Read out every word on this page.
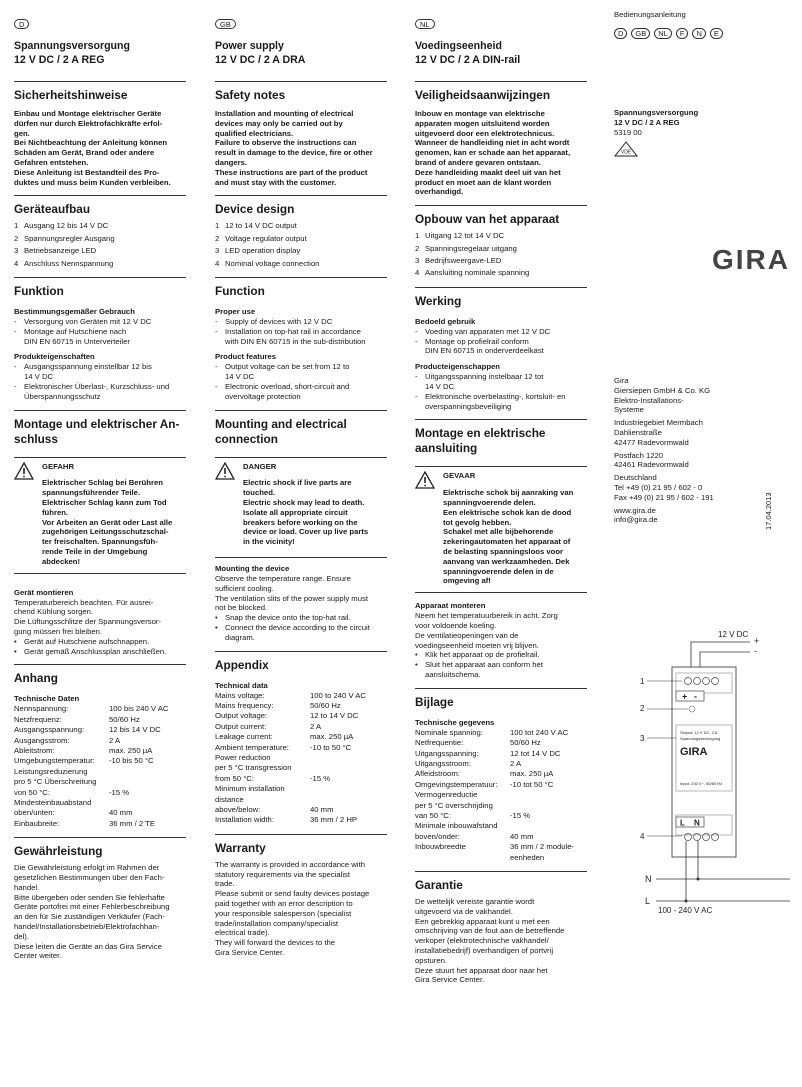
D
Spannungsversorgung
12 V DC / 2 A REG
Sicherheitshinweise
Einbau und Montage elektrischer Geräte
dürfen nur durch Elektrofachkräfte erfol-
gen.
Bei Nichtbeachtung der Anleitung können
Schäden am Gerät, Brand oder andere
Gefahren entstehen.
Diese Anleitung ist Bestandteil des Pro-
duktes und muss beim Kunden verbleiben.
Geräteaufbau
1 Ausgang 12 bis 14 V DC
2 Spannungsregler Ausgang
3 Betriebsanzeige LED
4 Anschluss Nennspannung
Funktion
Bestimmungsgemäßer Gebrauch
- Versorgung von Geräten mit 12 V DC
- Montage auf Hutschiene nach
DIN EN 60715 in Unterverteiler
Produkteigenschaften
- Ausgangsspannung einstellbar 12 bis
14 V DC
- Elektronischer Überlast-, Kurzschluss- und
Überspannungsschutz
Montage und elektrischer An-
schluss
GEFAHR
Elektrischer Schlag bei Berühren
spannungsführender Teile.
Elektrischer Schlag kann zum Tod
führen.
Vor Arbeiten an Gerät oder Last alle
zugehörigen Leitungsschutzschal-
ter freischalten. Spannungsfüh-
rende Teile in der Umgebung
abdecken!
Gerät montieren
Temperaturbereich beachten. Für ausrei-
chend Kühlung sorgen.
Die Lüftungsschlitze der Spannungsversor-
gung müssen frei bleiben.
• Gerät auf Hutschiene aufschnappen.
• Gerät gemäß Anschlussplan anschließen.
Anhang
Technische Daten
Nennspannung:	100 bis 240 V AC
Netzfrequenz:	50/60 Hz
Ausgangsspannung:	12 bis 14 V DC
Ausgangsstrom:	2 A
Ableitstrom:	max. 250 µA
Umgebungstemperatur:	-10 bis 50 °C
Leistungsreduzierung
pro 5 °C Überschreitung
von 50 °C:	-15 %
Mindesteinbauabstand
oben/unten:	40 mm
Einbaubreite:	36 mm / 2 TE
Gewährleistung
Die Gewährleistung erfolgt im Rahmen der
gesetzlichen Bestimmungen über den Fach-
handel.
Bitte übergeben oder senden Sie fehlerhafte
Geräte portofrei mit einer Fehlerbeschreibung
an den für Sie zuständigen Verkäufer (Fach-
handel/Installationsbetrieb/Elektrofachhan-
del).
Diese leiten die Geräte an das Gira Service
Center weiter.
GB
Power supply
12 V DC / 2 A DRA
Safety notes
Installation and mounting of electrical
devices may only be carried out by
qualified electricians.
Failure to observe the instructions can
result in damage to the device, fire or other
dangers.
These instructions are part of the product
and must stay with the customer.
Device design
1 12 to 14 V DC output
2 Voltage regulator output
3 LED operation display
4 Nominal voltage connection
Function
Proper use
- Supply of devices with 12 V DC
- Installation on top-hat rail in accordance
with DIN EN 60715 in the sub-distribution
Product features
- Output voltage can be set from 12 to
14 V DC
- Electronic overload, short-circuit and
overvoltage protection
Mounting and electrical
connection
DANGER
Electric shock if live parts are
touched.
Electric shock may lead to death.
Isolate all appropriate circuit
breakers before working on the
device or load. Cover up live parts
in the vicinity!
Mounting the device
Observe the temperature range. Ensure
sufficient cooling.
The ventilation slits of the power supply must
not be blocked.
• Snap the device onto the top-hat rail.
• Connect the device according to the circuit
diagram.
Appendix
Technical data
Mains voltage:	100 to 240 V AC
Mains frequency:	50/60 Hz
Output voltage:	12 to 14 V DC
Output current:	2 A
Leakage current:	max. 250 µA
Ambient temperature:	-10 to 50 °C
Power reduction
per 5 °C transgression
from 50 °C:	-15 %
Minimum installation distance
above/below:	40 mm
Installation width:	36 mm / 2 HP
Warranty
The warranty is provided in accordance with
statutory requirements via the specialist
trade.
Please submit or send faulty devices postage
paid together with an error description to
your responsible salesperson (specialist
trade/installation company/specialist
electrical trade).
They will forward the devices to the
Gira Service Center.
NL
Voedingseenheid
12 V DC / 2 A DIN-rail
Veiligheidsaanwijzingen
Inbouw en montage van elektrische
apparaten mogen uitsluitend worden
uitgevoerd door een elektrotechnicus.
Wanneer de handleiding niet in acht wordt
genomen, kan er schade aan het apparaat,
brand of andere gevaren ontstaan.
Deze handleiding maakt deel uit van het
product en moet aan de klant worden
overhandigd.
Opbouw van het apparaat
1 Uitgang 12 tot 14 V DC
2 Spanningsregelaar uitgang
3 Bedrijfsweergave-LED
4 Aansluiting nominale spanning
Werking
Bedoeld gebruik
- Voeding van apparaten met 12 V DC
- Montage op profielrail conform
DIN EN 60715 in onderverdeelkast
Producteigenschappen
- Uitgangsspanning instelbaar 12 tot
14 V DC
- Elektronische overbelasting-, kortsluit- en
overspanningsbeveiliging
Montage en elektrische
aansluiting
GEVAAR
Elektrische schok bij aanraking van
spanningvoerende delen.
Een elektrische schok kan de dood
tot gevolg hebben.
Schakel met alle bijbehorende
zekeringautomaten het apparaat of
de belasting spanningsloos voor
aanvang van werkzaamheden. Dek
spanningvoerende delen in de
omgeving af!
Apparaat monteren
Neem het temperatuurbereik in acht. Zorg
voor voldoende koeling.
De ventilatieopeningen van de
voedingseenheid moeten vrij blijven.
• Klik het apparaat op de profielrail.
• Sluit het apparaat aan conform het
aansluitschema.
Bijlage
Technische gegevens
Nominale spanning:	100 tot 240 V AC
Netfrequentie:	50/60 Hz
Uitgangsspanning:	12 tot 14 V DC
Uitgangsstroom:	2 A
Afleidstroom:	max. 250 µA
Omgevingstemperatuur:	-10 tot 50 °C
Vermogenreductie
per 5 °C overschrijding
van 50 °C:	-15 %
Minimale inbouwafstand
boven/onder:	40 mm
Inbouwbreedte	36 mm / 2 module-
eenheden
Garantie
De wettelijk vereiste garantie wordt
uitgevoerd via de vakhandel.
Een gebrekkig apparaat kunt u met een
omschrijving van de fout aan de betreffende
verkoper (elektrotechnische vakhandel/
installatiebedrijf) overhandigen of portvrij
opsturen.
Deze stuurt het apparaat door naar het
Gira Service Center.
Bedienungsanleitung
D GB NL F N E
Spannungsversorgung
12 V DC / 2 A REG
5319 00
VDE
GIRA
Gira
Giersiepen GmbH & Co. KG
Elektro-Installations-
Systeme
Industriegebiet Mermbach
Dahlienstraße
42477 Radevormwald
Postfach 1220
42461 Radevormwald
Deutschland
Tel +49 (0) 21 95 / 602 - 0
Fax +49 (0) 21 95 / 602 - 191
www.gira.de
info@gira.de	17.04.2013
12 V DC
+
-
+ -
Output: 12 V DC, 2 A
Spannungsversorgung
GIRA
Input: 230 V~, 50/60 Hz
L N
1
2
3
4
N
L
100 - 240 V AC
